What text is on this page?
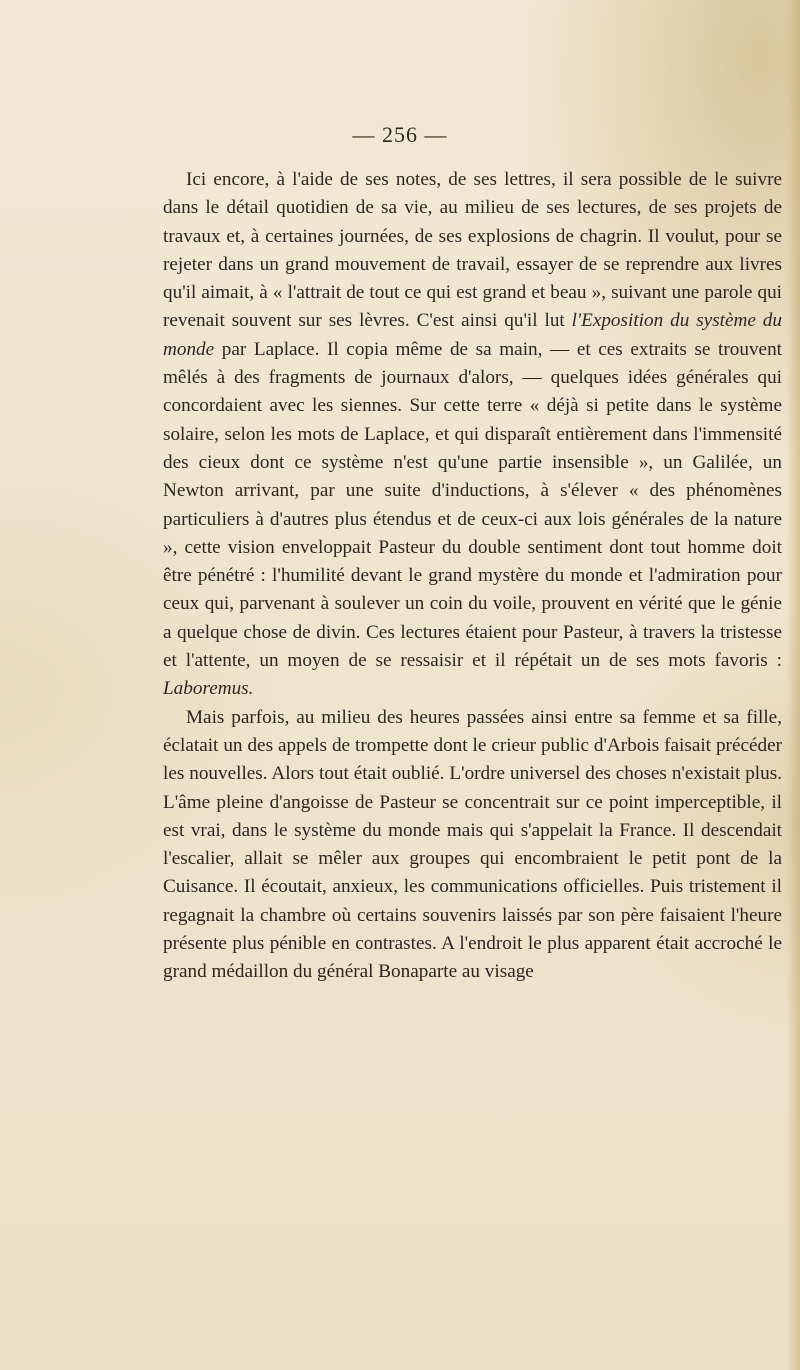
— 256 —

Ici encore, à l'aide de ses notes, de ses lettres, il sera possible de le suivre dans le détail quotidien de sa vie, au milieu de ses lectures, de ses projets de travaux et, à certaines journées, de ses explosions de chagrin. Il voulut, pour se rejeter dans un grand mouvement de travail, essayer de se reprendre aux livres qu'il aimait, à « l'attrait de tout ce qui est grand et beau », suivant une parole qui revenait souvent sur ses lèvres. C'est ainsi qu'il lut l'Exposition du système du monde par Laplace. Il copia même de sa main, — et ces extraits se trouvent mêlés à des fragments de journaux d'alors, — quelques idées générales qui concordaient avec les siennes. Sur cette terre « déjà si petite dans le système solaire, selon les mots de Laplace, et qui disparaît entièrement dans l'immensité des cieux dont ce système n'est qu'une partie insensible », un Galilée, un Newton arrivant, par une suite d'inductions, à s'élever « des phénomènes particuliers à d'autres plus étendus et de ceux-ci aux lois générales de la nature », cette vision enveloppait Pasteur du double sentiment dont tout homme doit être pénétré : l'humilité devant le grand mystère du monde et l'admiration pour ceux qui, parvenant à soulever un coin du voile, prouvent en vérité que le génie a quelque chose de divin. Ces lectures étaient pour Pasteur, à travers la tristesse et l'attente, un moyen de se ressaisir et il répétait un de ses mots favoris : Laboremus.

Mais parfois, au milieu des heures passées ainsi entre sa femme et sa fille, éclatait un des appels de trompette dont le crieur public d'Arbois faisait précéder les nouvelles. Alors tout était oublié. L'ordre universel des choses n'existait plus. L'âme pleine d'angoisse de Pasteur se concentrait sur ce point imperceptible, il est vrai, dans le système du monde mais qui s'appelait la France. Il descendait l'escalier, allait se mêler aux groupes qui encombraient le petit pont de la Cuisance. Il écoutait, anxieux, les communications officielles. Puis tristement il regagnait la chambre où certains souvenirs laissés par son père faisaient l'heure présente plus pénible en contrastes. A l'endroit le plus apparent était accroché le grand médaillon du général Bonaparte au visage
